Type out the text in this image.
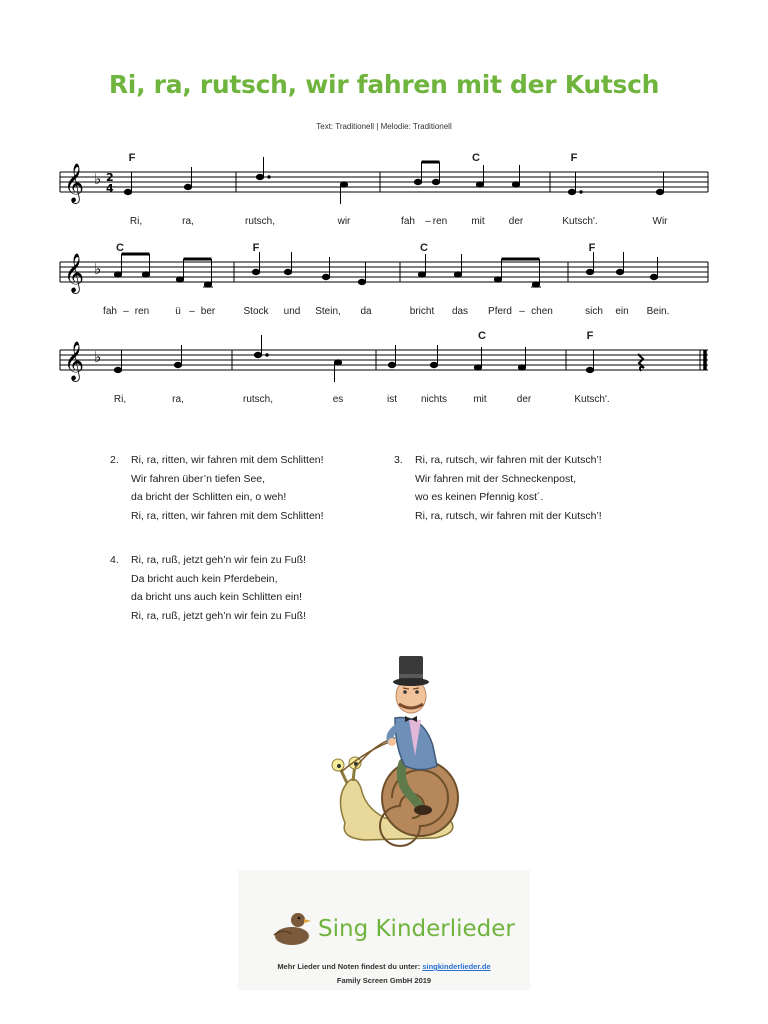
Ri, ra, rutsch, wir fahren mit der Kutsch
Text: Traditionell | Melodie: Traditionell
𝄞 ♭ 2
4
F	C	F
Ri,	ra,	rutsch,	wir	fah – ren mit der	Kutsch'.	Wir
𝄞 ♭
C	F	C	F
fah – ren	ü – ber	Stock und Stein, da	bricht das Pferd – chen	sich ein Bein.
𝄞 ♭
C	F
Ri,	ra,	rutsch,	es	ist nichts	mit	der	Kutsch'.
2. Ri, ra, ritten, wir fahren mit dem Schlitten!
Wir fahren über’n tiefen See,
da bricht der Schlitten ein, o weh!
Ri, ra, ritten, wir fahren mit dem Schlitten!
3. Ri, ra, rutsch, wir fahren mit der Kutsch’!
Wir fahren mit der Schneckenpost,
wo es keinen Pfennig kost´.
Ri, ra, rutsch, wir fahren mit der Kutsch’!
4. Ri, ra, ruß, jetzt geh’n wir fein zu Fuß!
Da bricht auch kein Pferdebein,
da bricht uns auch kein Schlitten ein!
Ri, ra, ruß, jetzt geh’n wir fein zu Fuß!
Sing Kinderlieder
Mehr Lieder und Noten findest du unter: singkinderlieder.de
Family Screen GmbH 2019
